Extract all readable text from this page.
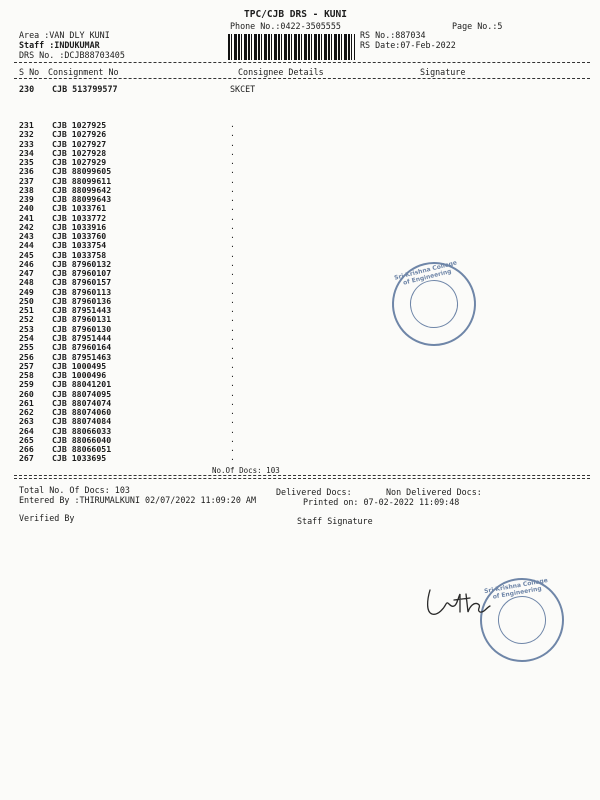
TPC/CJB DRS - KUNI
Phone No.:0422-3505555	Page No.:5
Area :VAN DLY KUNI
Staff :INDUKUMAR
DRS No. :DCJB88703405
RS No.:887034
RS Date:07-Feb-2022
S No Consignment No	Consignee Details	Signature
230 CJB 513799577	SKCET
231 CJB 1027925	.
232 CJB 1027926	.
233 CJB 1027927	.
234 CJB 1027928	.
235 CJB 1027929	.
236 CJB 88099605	.
237 CJB 88099611	.
238 CJB 88099642	.
239 CJB 88099643	.
240 CJB 1033761	.
241 CJB 1033772	.
242 CJB 1033916	.
243 CJB 1033760	.
244 CJB 1033754	.
245 CJB 1033758	.
246 CJB 87960132	.
247 CJB 87960107	.
248 CJB 87960157	.
249 CJB 87960113	.
250 CJB 87960136	.
251 CJB 87951443	.
252 CJB 87960131	.
253 CJB 87960130	.
254 CJB 87951444	.
255 CJB 87960164	.
256 CJB 87951463	.
257 CJB 1000495	.
258 CJB 1000496	.
259 CJB 88041201	.
260 CJB 88074095	.
261 CJB 88074074	.
262 CJB 88074060	.
263 CJB 88074084	.
264 CJB 88066033	.
265 CJB 88066040	.
266 CJB 88066051	.
267 CJB 1033695	.
No.Of Docs: 103
Total No. Of Docs: 103	Delivered Docs:	Non Delivered Docs:
Entered By :THIRUMALKUNI 02/07/2022 11:09:20 AM	Printed on: 07-02-2022 11:09:48
Verified By	Staff Signature
Sri Krishna College of Engineering
Sri Krishna College of Engineering
